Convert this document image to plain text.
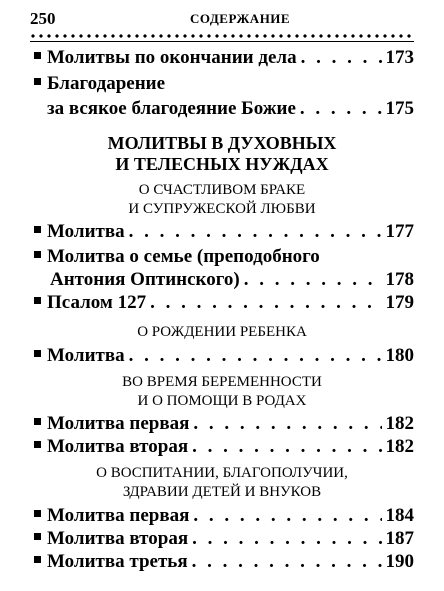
250	СОДЕРЖАНИЕ
Молитвы по окончании дела . . .	173
Благодарение
за всякое благодеяние Божие . . .	175
МОЛИТВЫ В ДУХОВНЫХ
И ТЕЛЕСНЫХ НУЖДАХ
О СЧАСТЛИВОМ БРАКЕ
И СУПРУЖЕСКОЙ ЛЮБВИ
Молитва . . .	177
Молитва о семье (преподобного
Антония Оптинского) . . .	178
Псалом 127 . . .	179
О РОЖДЕНИИ РЕБЕНКА
Молитва . . .	180
ВО ВРЕМЯ БЕРЕМЕННОСТИ
И О ПОМОЩИ В РОДАХ
Молитва первая . . .	182
Молитва вторая . . .	182
О ВОСПИТАНИИ, БЛАГОПОЛУЧИИ,
ЗДРАВИИ ДЕТЕЙ И ВНУКОВ
Молитва первая . . .	184
Молитва вторая . . .	187
Молитва третья . . .	190
